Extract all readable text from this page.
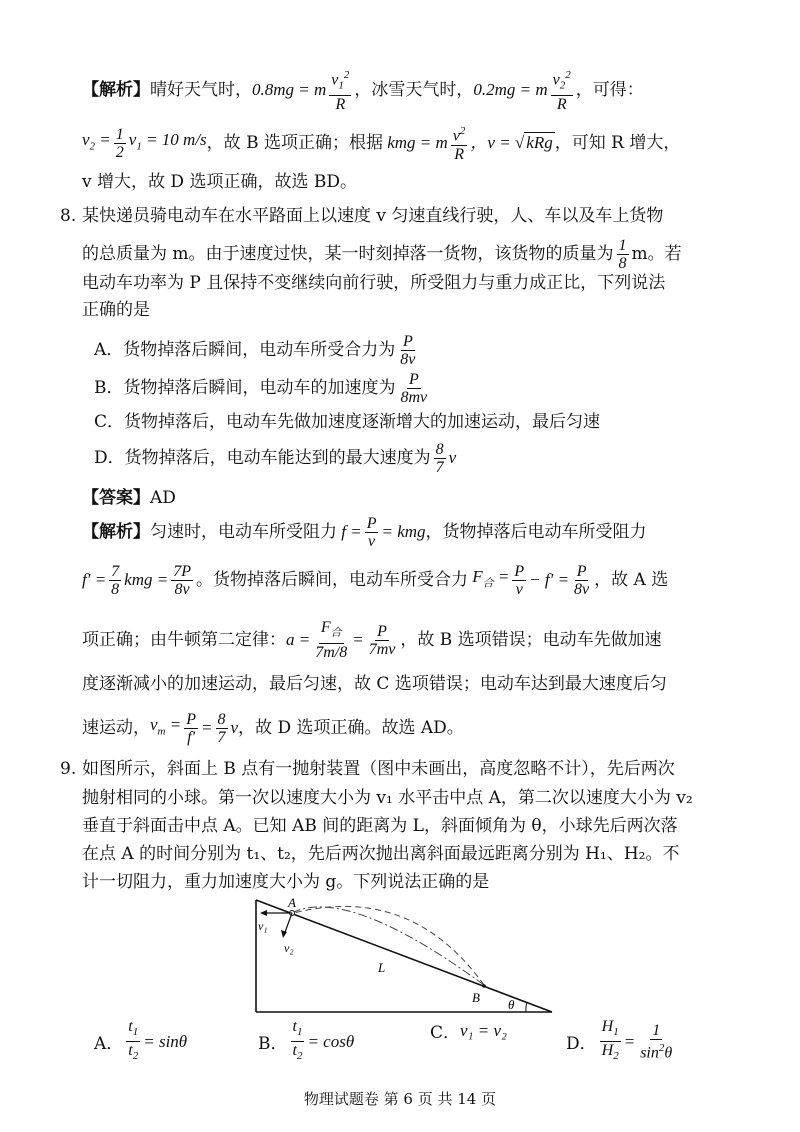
【解析】 晴好天气时， 0.8mg = m $\frac{v_1^2}{R}$ ，冰雪天气时， 0.2mg = m $\frac{v_2^2}{R}$ ，可得：
$v_2 = \frac{1}{2} v_1 = 10$ m/s ，故 B 选项正确；根据 kmg = m $\frac{v^2}{R}$ ，v = √ kRg ，可知 R 增大，
v 增大，故 D 选项正确，故选 BD。
8. 某快递员骑电动车在水平路面上以速度 v 匀速直线行驶，人、车以及车上货物
的总质量为 m。由于速度过快，某一时刻掉落一货物，该货物的质量为 $\frac{1}{8}$ m。若
电动车功率为 P 且保持不变继续向前行驶，所受阻力与重力成正比，下列说法
正确的是
A．货物掉落后瞬间，电动车所受合力为 $\frac{P}{8v}$
B．货物掉落后瞬间，电动车的加速度为 $\frac{P}{8mv}$
C．货物掉落后，电动车先做加速度逐渐增大的加速运动，最后匀速
D．货物掉落后，电动车能达到的最大速度为 $\frac{8}{7}$ v
【答案】 AD
【解析】 匀速时，电动车所受阻力 $f = \frac{P}{v}$ = kmg ，货物掉落后电动车所受阻力
$f' = \frac{7}{8}$ kmg = $\frac{7P}{8v}$ 。货物掉落后瞬间，电动车所受合力 $F_合 = \frac{P}{v} - f' = \frac{P}{8v}$ ，故 A 选
项正确；由牛顿第二定律： $a = \frac{F_合}{7m/8} = \frac{P}{7mv}$ ，故 B 选项错误；电动车先做加速
度逐渐减小的加速运动，最后匀速，故 C 选项错误；电动车达到最大速度后匀
速运动， $v_m = \frac{P}{f'} = \frac{8}{7}$ v ，故 D 选项正确。故选 AD。
9. 如图所示，斜面上 B 点有一抛射装置（图中未画出，高度忽略不计），先后两次
抛射相同的小球。第一次以速度大小为 v₁ 水平击中点 A，第二次以速度大小为 v₂
垂直于斜面击中点 A。已知 AB 间的距离为 L，斜面倾角为 θ，小球先后两次落
在点 A 的时间分别为 t₁、t₂，先后两次抛出离斜面最远距离分别为 H₁、H₂。不
计一切阻力，重力加速度大小为 g。下列说法正确的是
A
v₁
v₂
L
B θ
A． $\frac{t_1}{t_2} = \sin\theta$	B． $\frac{t_1}{t_2} = \cos\theta$	C． v₁ = v₂
D． $\frac{H_1}{H_2} = \frac{1}{\sin^2\theta}$
物理试题卷 第 6 页 共 14 页
